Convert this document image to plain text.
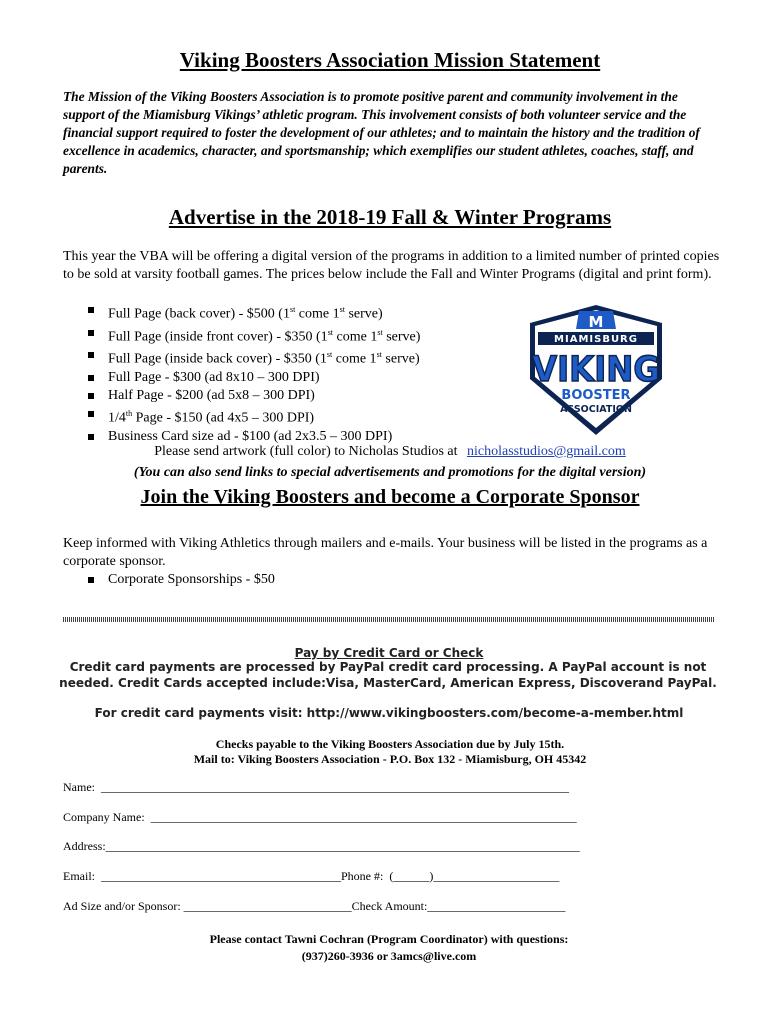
Viking Boosters Association Mission Statement

The Mission of the Viking Boosters Association is to promote positive parent and community involvement in the support of the Miamisburg Vikings’ athletic program. This involvement consists of both volunteer service and the financial support required to foster the development of our athletes; and to maintain the history and the tradition of excellence in academics, character, and sportsmanship; which exemplifies our student athletes, coaches, staff, and parents.

Advertise in the 2018-19 Fall & Winter Programs

This year the VBA will be offering a digital version of the programs in addition to a limited number of printed copies to be sold at varsity football games. The prices below include the Fall and Winter Programs (digital and print form).

Full Page (back cover) - $500 (1st come 1st serve)
Full Page (inside front cover) - $350 (1st come 1st serve)
Full Page (inside back cover) - $350 (1st come 1st serve)
Full Page - $300 (ad 8x10 – 300 DPI)
Half Page - $200 (ad 5x8 – 300 DPI)
1/4th Page - $150 (ad 4x5 – 300 DPI)
Business Card size ad - $100 (ad 2x3.5 – 300 DPI)
M
MIAMISBURG
VIKING
BOOSTER
ASSOCIATION

Please send artwork (full color) to Nicholas Studios at nicholasstudios@gmail.com

(You can also send links to special advertisements and promotions for the digital version)

Join the Viking Boosters and become a Corporate Sponsor

Keep informed with Viking Athletics through mailers and e-mails. Your business will be listed in the programs as a corporate sponsor.

Corporate Sponsorships - $50
Pay by Credit Card or Check

Credit card payments are processed by PayPal credit card processing. A PayPal account is not needed. Credit Cards accepted include:Visa, MasterCard, American Express, Discoverand PayPal.

For credit card payments visit: http://www.vikingboosters.com/become-a-member.html

Checks payable to the Viking Boosters Association due by July 15th.
Mail to: Viking Boosters Association - P.O. Box 132 - Miamisburg, OH 45342

Name:  ______________________________________________________________________________
Company Name:  _______________________________________________________________________
Address:_______________________________________________________________________________
Email:  ________________________________________Phone #:  (______)_____________________
Ad Size and/or Sponsor: ____________________________Check Amount:_______________________

Please contact Tawni Cochran (Program Coordinator) with questions:
(937)260-3936 or 3amcs@live.com
